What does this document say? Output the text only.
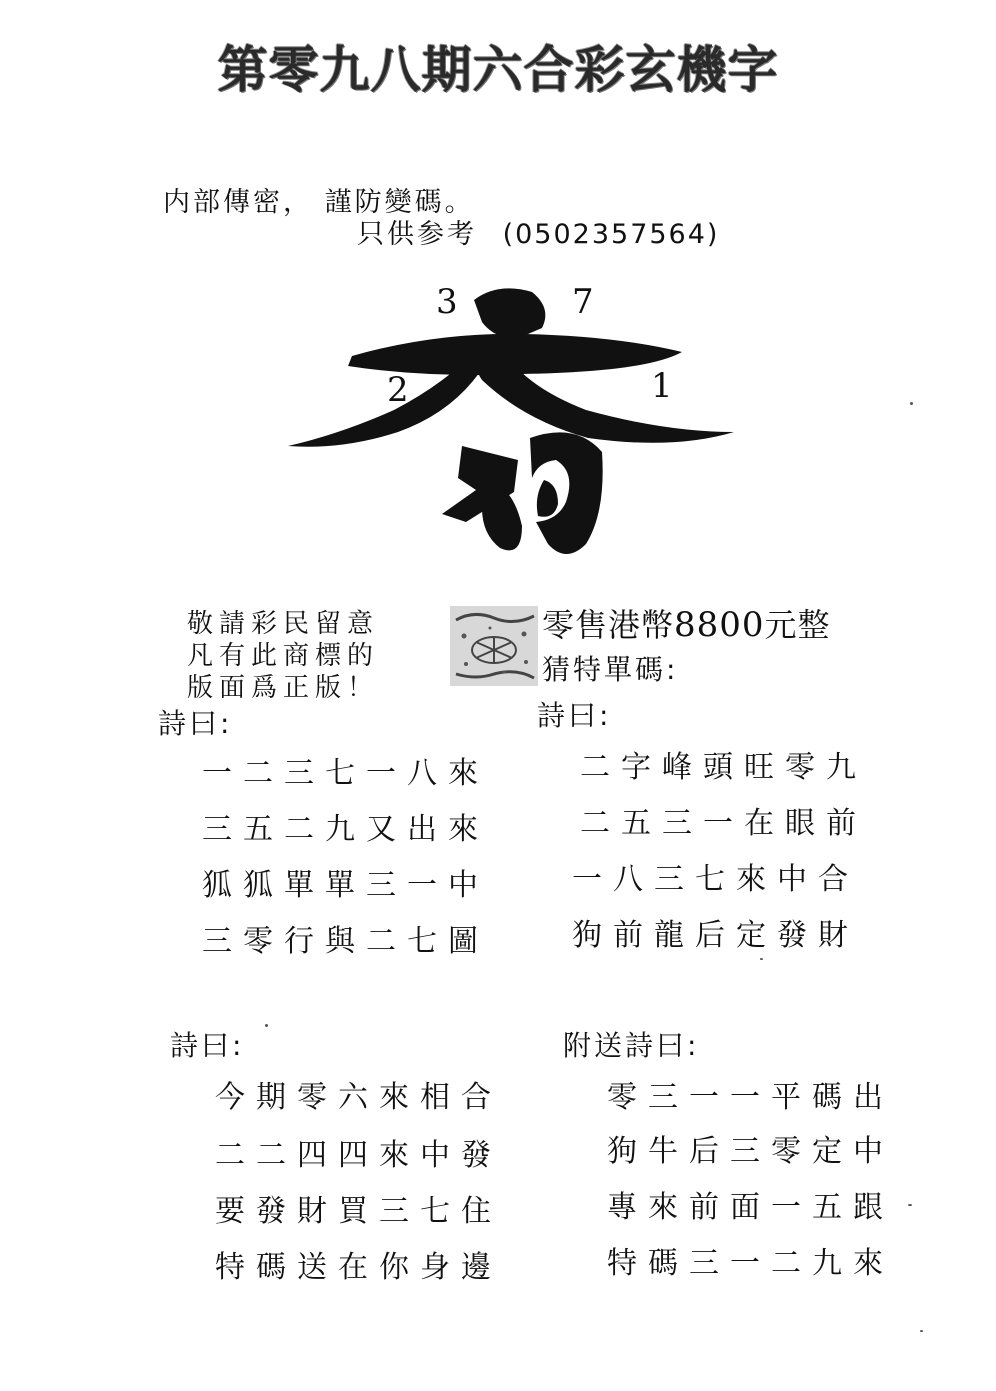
第零九八期六合彩玄機字
内部傳密， 謹防變碼。
只供参考 (0502357564)
3	7
2	1
敬請彩民留意
凡有此商標的
版面爲正版！
零售港幣8800元整
猜特單碼:
詩曰:
一二三七一八來
三五二九又出來
狐狐單單三一中
三零行與二七圖
詩曰:
二字峰頭旺零九
二五三一在眼前
一八三七來中合
狗前龍后定發財
詩曰:
今期零六來相合
二二四四來中發
要發財買三七住
特碼送在你身邊
附送詩曰:
零三一一平碼出
狗牛后三零定中
專來前面一五跟
特碼三一二九來
